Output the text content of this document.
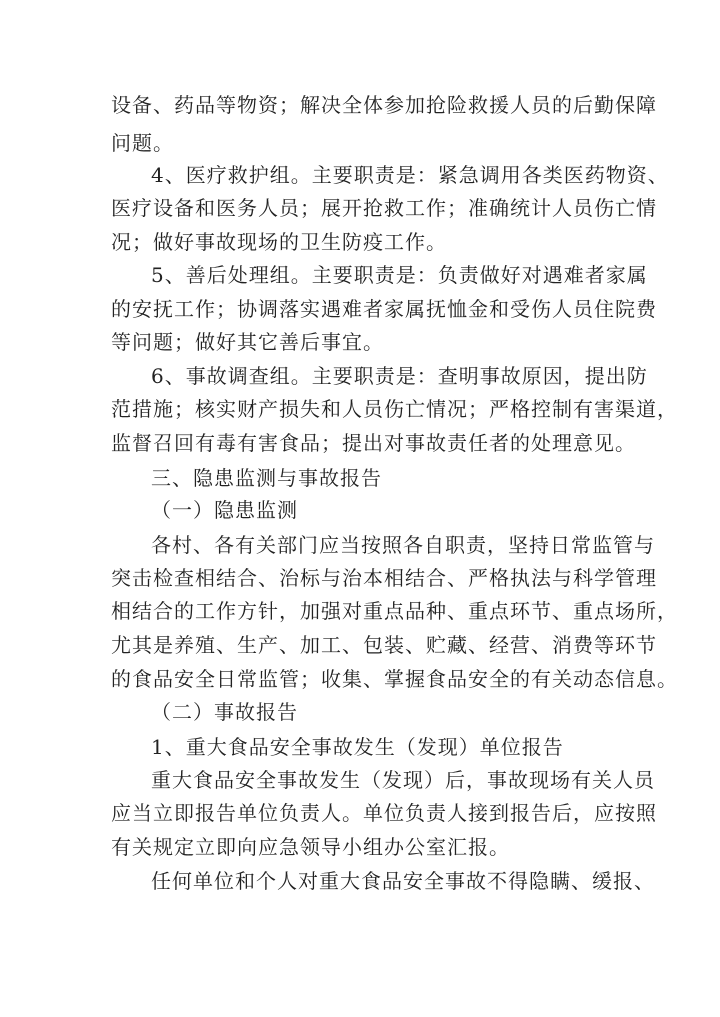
设备、药品等物资；解决全体参加抢险救援人员的后勤保障
问题。
4、医疗救护组。主要职责是：紧急调用各类医药物资、
医疗设备和医务人员；展开抢救工作；准确统计人员伤亡情
况；做好事故现场的卫生防疫工作。
5、善后处理组。主要职责是：负责做好对遇难者家属
的安抚工作；协调落实遇难者家属抚恤金和受伤人员住院费
等问题；做好其它善后事宜。
6、事故调查组。主要职责是：查明事故原因，提出防
范措施；核实财产损失和人员伤亡情况；严格控制有害渠道，
监督召回有毒有害食品；提出对事故责任者的处理意见。
三、隐患监测与事故报告
（一）隐患监测
各村、各有关部门应当按照各自职责，坚持日常监管与
突击检查相结合、治标与治本相结合、严格执法与科学管理
相结合的工作方针，加强对重点品种、重点环节、重点场所，
尤其是养殖、生产、加工、包装、贮藏、经营、消费等环节
的食品安全日常监管；收集、掌握食品安全的有关动态信息。
（二）事故报告
1、重大食品安全事故发生（发现）单位报告
重大食品安全事故发生（发现）后，事故现场有关人员
应当立即报告单位负责人。单位负责人接到报告后，应按照
有关规定立即向应急领导小组办公室汇报。
任何单位和个人对重大食品安全事故不得隐瞒、缓报、
